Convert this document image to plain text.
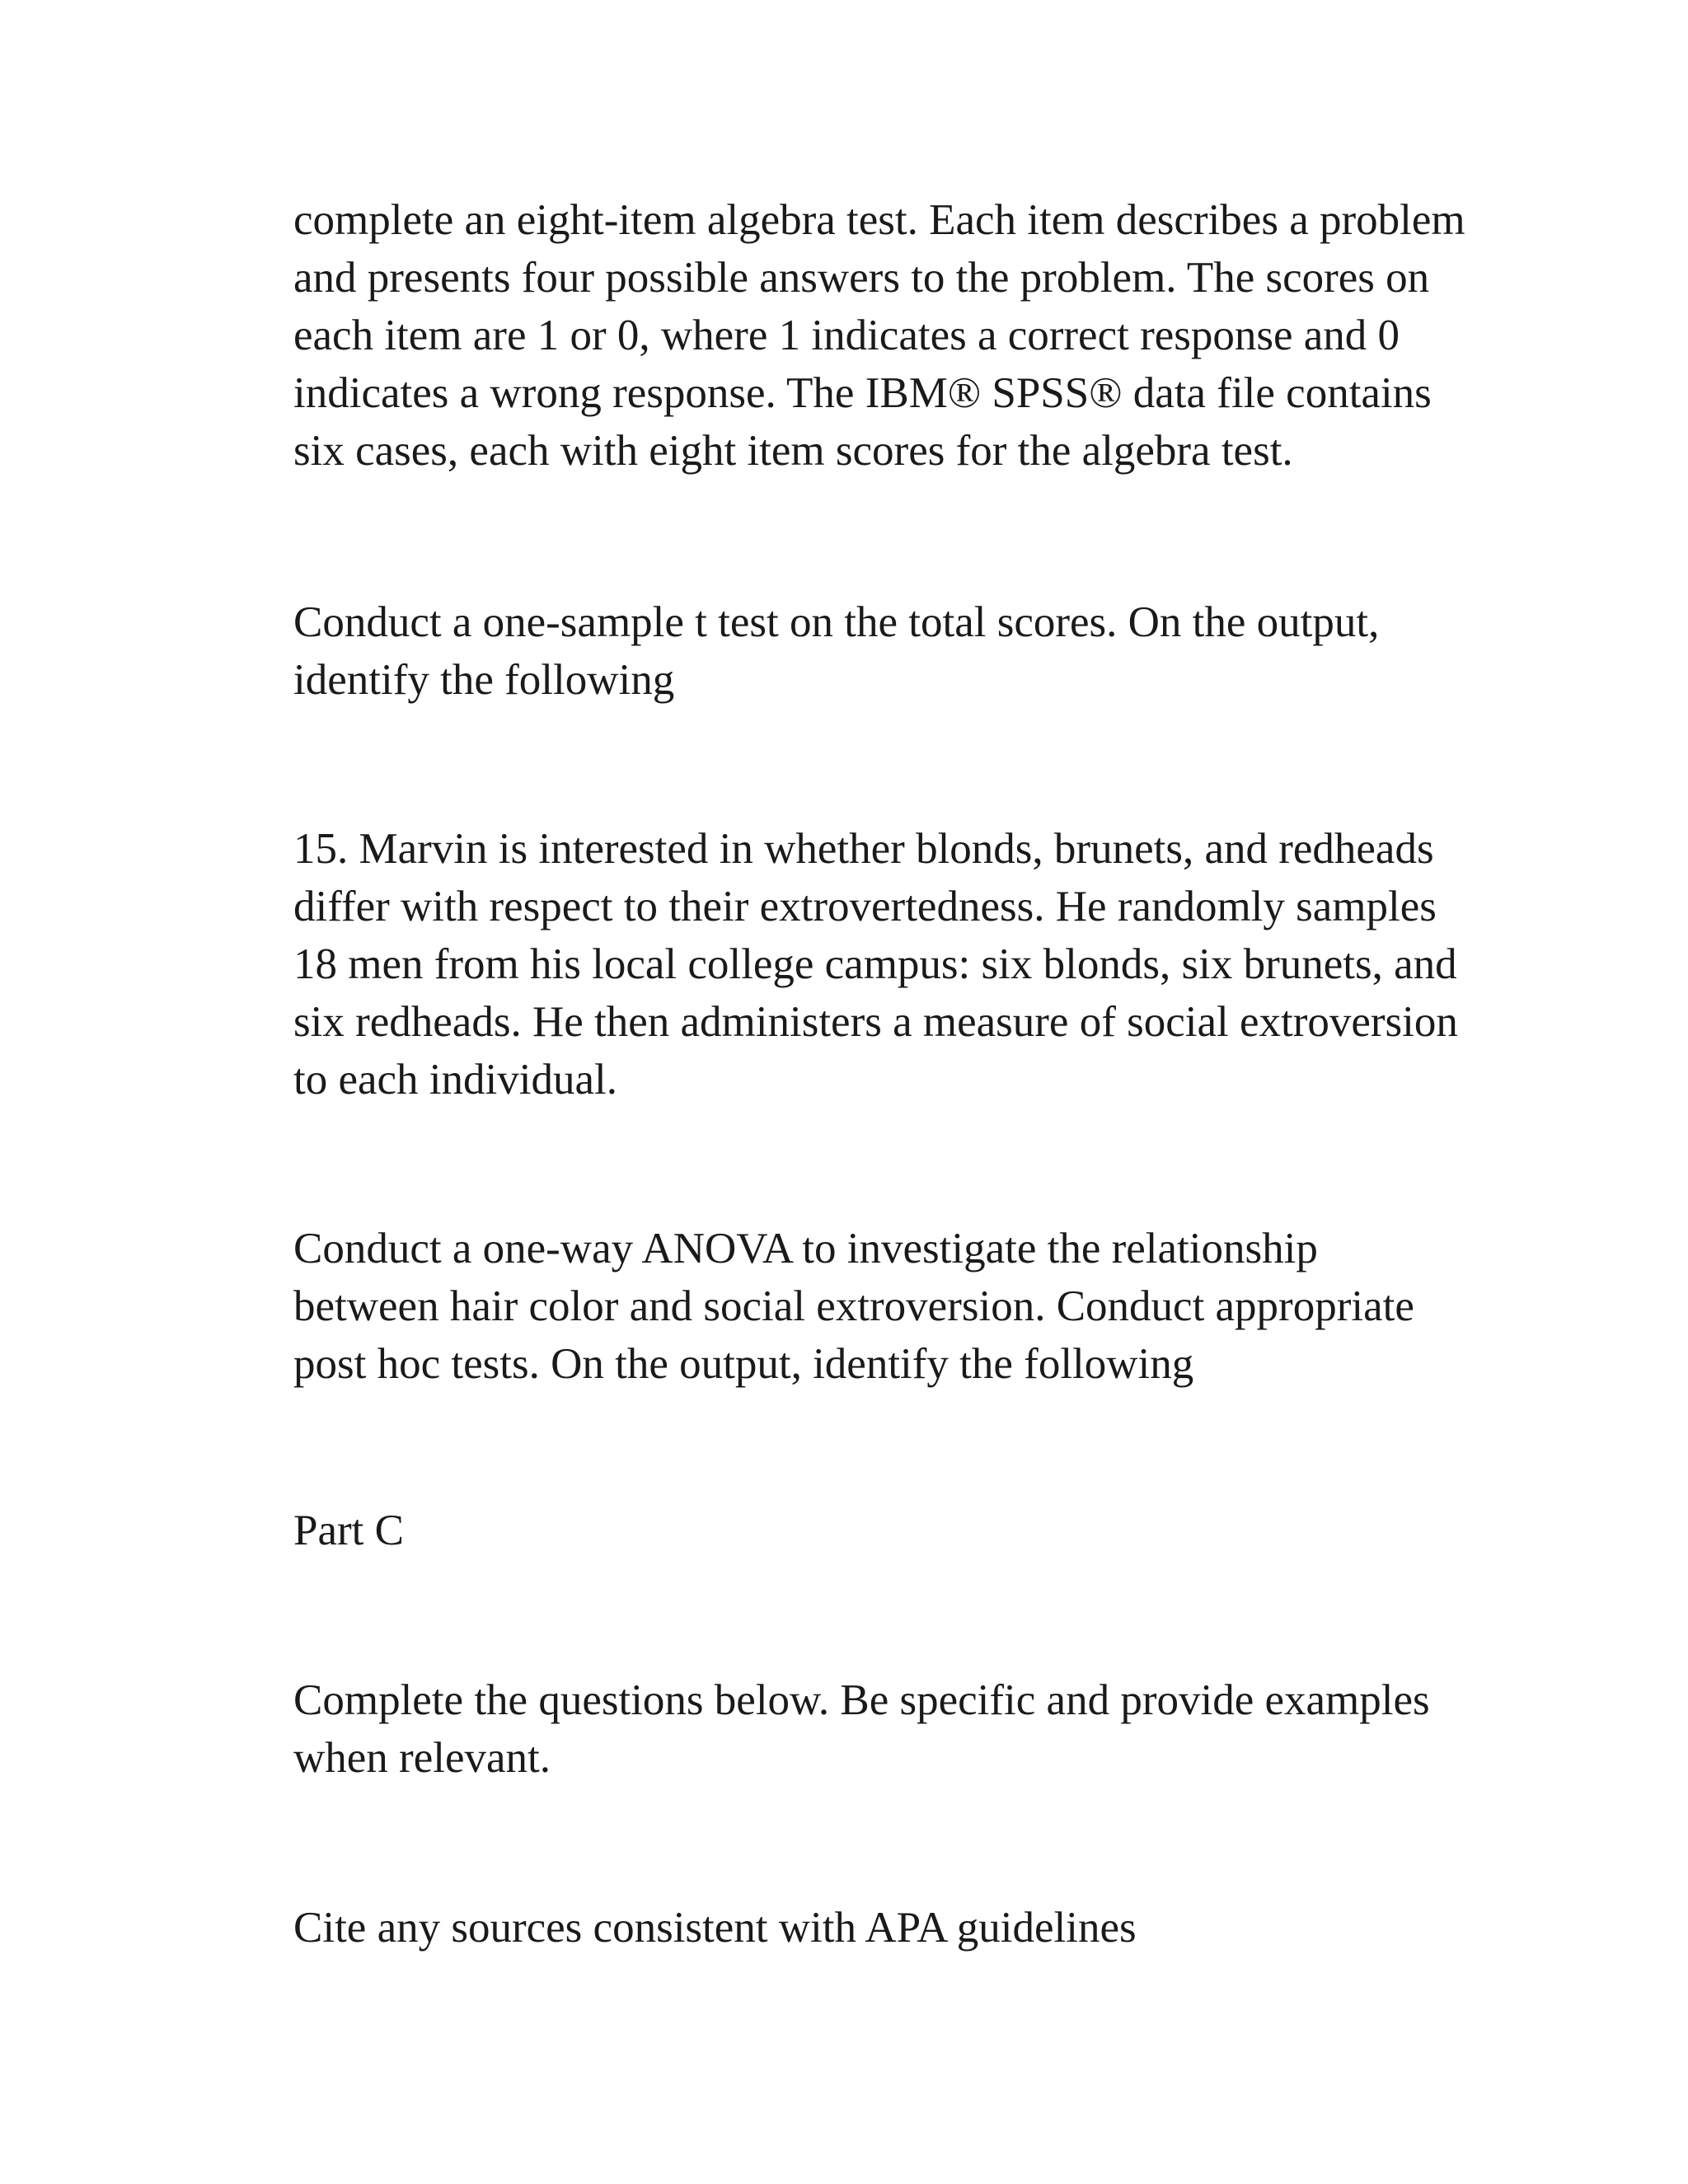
complete an eight-item algebra test. Each item describes a problem
and presents four possible answers to the problem. The scores on
each item are 1 or 0, where 1 indicates a correct response and 0
indicates a wrong response. The IBM® SPSS® data file contains
six cases, each with eight item scores for the algebra test.

Conduct a one-sample t test on the total scores. On the output,
identify the following

15. Marvin is interested in whether blonds, brunets, and redheads
differ with respect to their extrovertedness. He randomly samples
18 men from his local college campus: six blonds, six brunets, and
six redheads. He then administers a measure of social extroversion
to each individual.

Conduct a one-way ANOVA to investigate the relationship
between hair color and social extroversion. Conduct appropriate
post hoc tests. On the output, identify the following

Part C

Complete the questions below. Be specific and provide examples
when relevant.

Cite any sources consistent with APA guidelines
